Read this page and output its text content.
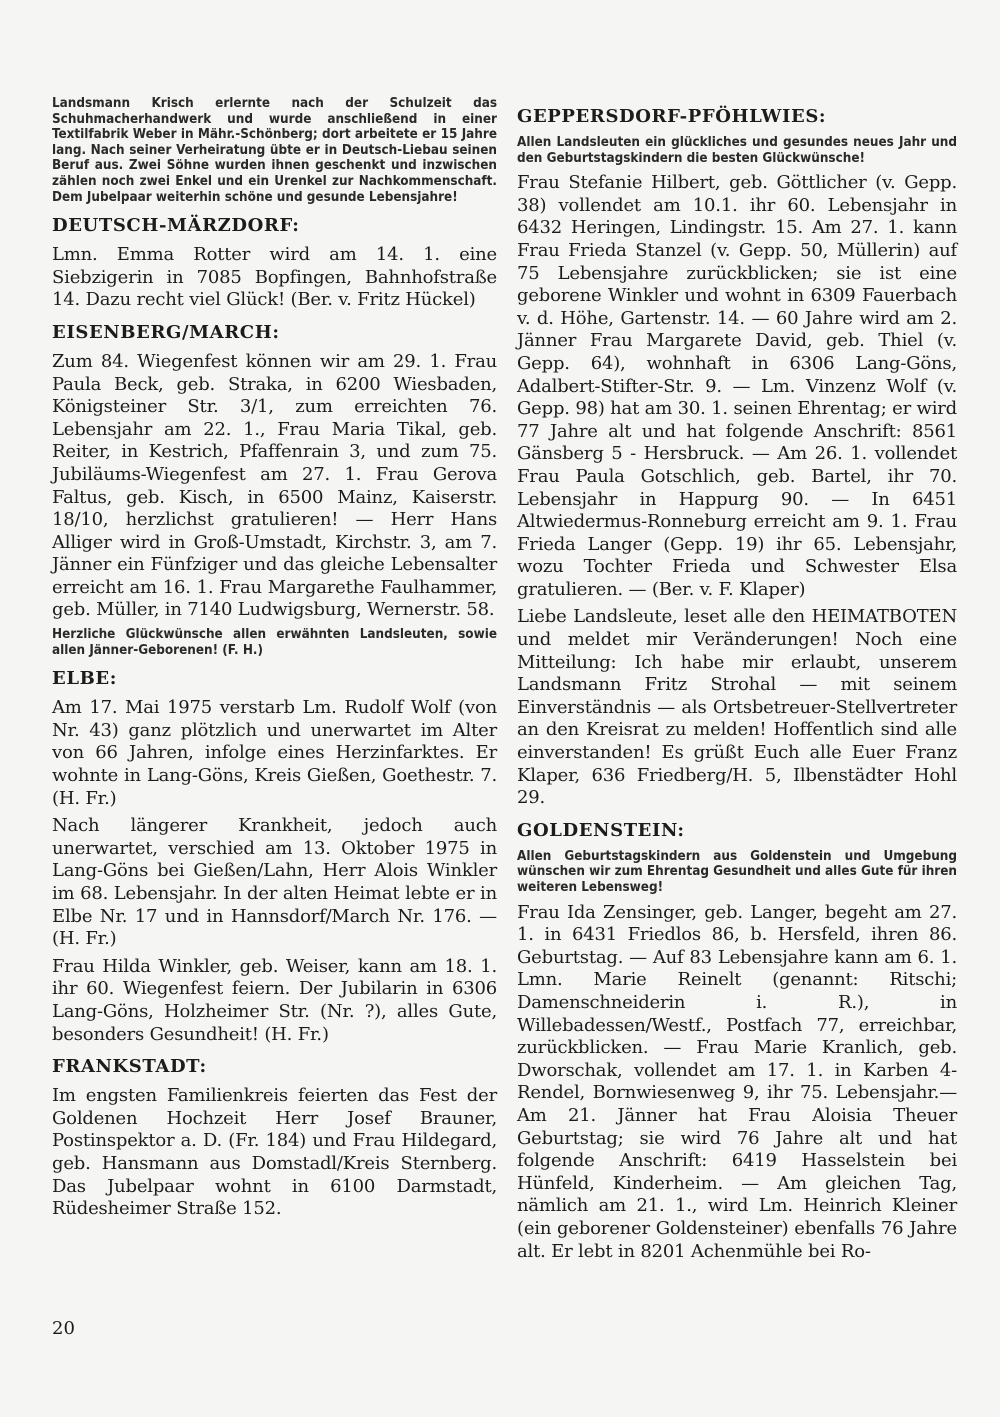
Landsmann Krisch erlernte nach der Schulzeit das Schuhmacherhandwerk und wurde anschließend in einer Textilfabrik Weber in Mähr.-Schönberg; dort arbeitete er 15 Jahre lang. Nach seiner Verheiratung übte er in Deutsch-Liebau seinen Beruf aus. Zwei Söhne wurden ihnen geschenkt und inzwischen zählen noch zwei Enkel und ein Urenkel zur Nachkommenschaft. Dem Jubelpaar weiterhin schöne und gesunde Lebensjahre!

DEUTSCH-MÄRZDORF:

Lmn. Emma Rotter wird am 14. 1. eine Siebzigerin in 7085 Bopfingen, Bahnhofstraße 14. Dazu recht viel Glück! (Ber. v. Fritz Hückel)

EISENBERG/MARCH:

Zum 84. Wiegenfest können wir am 29. 1. Frau Paula Beck, geb. Straka, in 6200 Wiesbaden, Königsteiner Str. 3/1, zum erreichten 76. Lebensjahr am 22. 1., Frau Maria Tikal, geb. Reiter, in Kestrich, Pfaffenrain 3, und zum 75. Jubiläums-Wiegenfest am 27. 1. Frau Gerova Faltus, geb. Kisch, in 6500 Mainz, Kaiserstr. 18/10, herzlichst gratulieren! — Herr Hans Alliger wird in Groß-Umstadt, Kirchstr. 3, am 7. Jänner ein Fünfziger und das gleiche Lebensalter erreicht am 16. 1. Frau Margarethe Faulhammer, geb. Müller, in 7140 Ludwigsburg, Wernerstr. 58.

Herzliche Glückwünsche allen erwähnten Landsleuten, sowie allen Jänner-Geborenen! (F. H.)

ELBE:

Am 17. Mai 1975 verstarb Lm. Rudolf Wolf (von Nr. 43) ganz plötzlich und unerwartet im Alter von 66 Jahren, infolge eines Herzinfarktes. Er wohnte in Lang-Göns, Kreis Gießen, Goethestr. 7. (H. Fr.)

Nach längerer Krankheit, jedoch auch unerwartet, verschied am 13. Oktober 1975 in Lang-Göns bei Gießen/Lahn, Herr Alois Winkler im 68. Lebensjahr. In der alten Heimat lebte er in Elbe Nr. 17 und in Hannsdorf/March Nr. 176. — (H. Fr.)

Frau Hilda Winkler, geb. Weiser, kann am 18. 1. ihr 60. Wiegenfest feiern. Der Jubilarin in 6306 Lang-Göns, Holzheimer Str. (Nr. ?), alles Gute, besonders Gesundheit! (H. Fr.)

FRANKSTADT:

Im engsten Familienkreis feierten das Fest der Goldenen Hochzeit Herr Josef Brauner, Postinspektor a. D. (Fr. 184) und Frau Hildegard, geb. Hansmann aus Domstadl/Kreis Sternberg. Das Jubelpaar wohnt in 6100 Darmstadt, Rüdesheimer Straße 152.

GEPPERSDORF-PFÖHLWIES:

Allen Landsleuten ein glückliches und gesundes neues Jahr und den Geburtstagskindern die besten Glückwünsche!

Frau Stefanie Hilbert, geb. Göttlicher (v. Gepp. 38) vollendet am 10.1. ihr 60. Lebensjahr in 6432 Heringen, Lindingstr. 15. Am 27. 1. kann Frau Frieda Stanzel (v. Gepp. 50, Müllerin) auf 75 Lebensjahre zurückblicken; sie ist eine geborene Winkler und wohnt in 6309 Fauerbach v. d. Höhe, Gartenstr. 14. — 60 Jahre wird am 2. Jänner Frau Margarete David, geb. Thiel (v. Gepp. 64), wohnhaft in 6306 Lang-Göns, Adalbert-Stifter-Str. 9. — Lm. Vinzenz Wolf (v. Gepp. 98) hat am 30. 1. seinen Ehrentag; er wird 77 Jahre alt und hat folgende Anschrift: 8561 Gänsberg 5 - Hersbruck. — Am 26. 1. vollendet Frau Paula Gotschlich, geb. Bartel, ihr 70. Lebensjahr in Happurg 90. — In 6451 Altwiedermus-Ronneburg erreicht am 9. 1. Frau Frieda Langer (Gepp. 19) ihr 65. Lebensjahr, wozu Tochter Frieda und Schwester Elsa gratulieren. — (Ber. v. F. Klaper)

Liebe Landsleute, leset alle den HEIMATBOTEN und meldet mir Veränderungen! Noch eine Mitteilung: Ich habe mir erlaubt, unserem Landsmann Fritz Strohal — mit seinem Einverständnis — als Ortsbetreuer-Stellvertreter an den Kreisrat zu melden! Hoffentlich sind alle einverstanden! Es grüßt Euch alle Euer Franz Klaper, 636 Friedberg/H. 5, Ilbenstädter Hohl 29.

GOLDENSTEIN:

Allen Geburtstagskindern aus Goldenstein und Umgebung wünschen wir zum Ehrentag Gesundheit und alles Gute für ihren weiteren Lebensweg!

Frau Ida Zensinger, geb. Langer, begeht am 27. 1. in 6431 Friedlos 86, b. Hersfeld, ihren 86. Geburtstag. — Auf 83 Lebensjahre kann am 6. 1. Lmn. Marie Reinelt (genannt: Ritschi; Damenschneiderin i. R.), in Willebadessen/Westf., Postfach 77, erreichbar, zurückblicken. — Frau Marie Kranlich, geb. Dworschak, vollendet am 17. 1. in Karben 4-Rendel, Bornwiesenweg 9, ihr 75. Lebensjahr.— Am 21. Jänner hat Frau Aloisia Theuer Geburtstag; sie wird 76 Jahre alt und hat folgende Anschrift: 6419 Hasselstein bei Hünfeld, Kinderheim. — Am gleichen Tag, nämlich am 21. 1., wird Lm. Heinrich Kleiner (ein geborener Goldensteiner) ebenfalls 76 Jahre alt. Er lebt in 8201 Achenmühle bei Ro-

20
